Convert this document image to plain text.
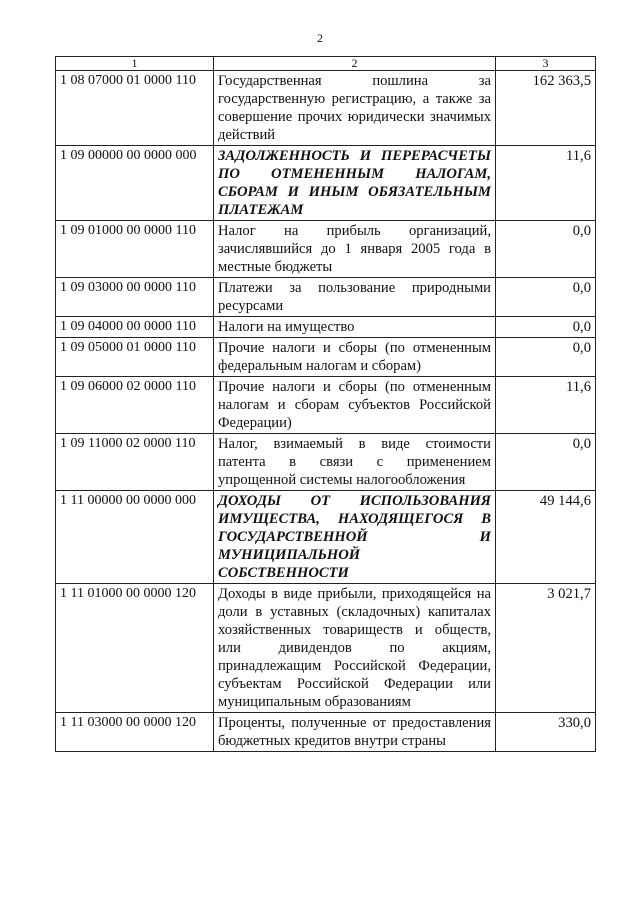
2
1	2	3
1 08 07000 01 0000 110	Государственная пошлина за государственную регистрацию, а также за совершение прочих юридически значимых действий	162 363,5
1 09 00000 00 0000 000	ЗАДОЛЖЕННОСТЬ И ПЕРЕРАСЧЕТЫ ПО ОТМЕНЕННЫМ НАЛОГАМ, СБОРАМ И ИНЫМ ОБЯЗАТЕЛЬНЫМ ПЛАТЕЖАМ	11,6
1 09 01000 00 0000 110	Налог на прибыль организаций, зачислявшийся до 1 января 2005 года в местные бюджеты	0,0
1 09 03000 00 0000 110	Платежи за пользование природными ресурсами	0,0
1 09 04000 00 0000 110	Налоги на имущество	0,0
1 09 05000 01 0000 110	Прочие налоги и сборы (по отмененным федеральным налогам и сборам)	0,0
1 09 06000 02 0000 110	Прочие налоги и сборы (по отмененным налогам и сборам субъектов Российской Федерации)	11,6
1 09 11000 02 0000 110	Налог, взимаемый в виде стоимости патента в связи с применением упрощенной системы налогообложения	0,0
1 11 00000 00 0000 000	ДОХОДЫ ОТ ИСПОЛЬЗОВАНИЯ ИМУЩЕСТВА, НАХОДЯЩЕГОСЯ В ГОСУДАРСТВЕННОЙ И МУНИЦИПАЛЬНОЙ СОБСТВЕННОСТИ	49 144,6
1 11 01000 00 0000 120	Доходы в виде прибыли, приходящейся на доли в уставных (складочных) капиталах хозяйственных товариществ и обществ, или дивидендов по акциям, принадлежащим Российской Федерации, субъектам Российской Федерации или муниципальным образованиям	3 021,7
1 11 03000 00 0000 120	Проценты, полученные от предоставления бюджетных кредитов внутри страны	330,0
